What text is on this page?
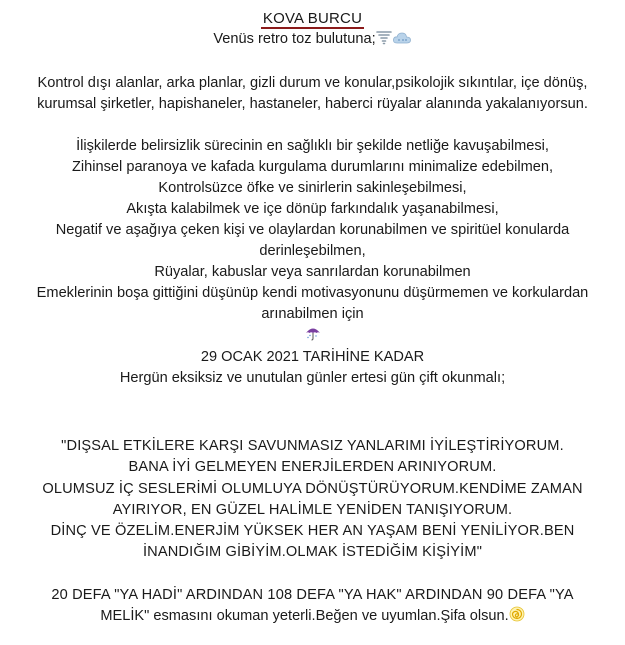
KOVA BURCU

Venüs retro toz bulutuna;

Kontrol dışı alanlar, arka planlar, gizli durum ve konular,psikolojik sıkıntılar, içe dönüş,

kurumsal şirketler, hapishaneler, hastaneler, haberci rüyalar alanında yakalanıyorsun.

İlişkilerde belirsizlik sürecinin en sağlıklı bir şekilde netliğe kavuşabilmesi,

Zihinsel paranoya ve kafada kurgulama durumlarını minimalize edebilmen,

Kontrolsüzce öfke ve sinirlerin sakinleşebilmesi,

Akışta kalabilmek ve içe dönüp farkındalık yaşanabilmesi,

Negatif ve aşağıya çeken kişi ve olaylardan korunabilmen ve spiritüel konularda

derinleşebilmen,

Rüyalar, kabuslar veya sanrılardan korunabilmen

Emeklerinin boşa gittiğini düşünüp kendi motivasyonunu düşürmemen ve korkulardan

arınabilmen için

29 OCAK 2021 TARİHİNE KADAR

Hergün eksiksiz ve unutulan günler ertesi gün çift okunmalı;

"DIŞSAL ETKİLERE KARŞI SAVUNMASIZ YANLARIMI İYİLEŞTİRİYORUM.

BANA İYİ GELMEYEN ENERJİLERDEN ARINIYORUM.

OLUMSUZ İÇ SESLERİMİ OLUMLUYA DÖNÜŞTÜRÜYORUM.KENDİME ZAMAN

AYIRIYOR, EN GÜZEL HALİMLE YENİDEN TANIŞIYORUM.

DİNÇ VE ÖZELİM.ENERJİM YÜKSEK HER AN YAŞAM BENİ YENİLİYOR.BEN

İNANDIĞIM GİBİYİM.OLMAK İSTEDİĞİM KİŞİYİM"

20 DEFA "YA HADİ" ARDINDAN 108 DEFA "YA HAK" ARDINDAN 90 DEFA "YA

MELİK" esmasını okuman yeterli.Beğen ve uyumlan.Şifa olsun.
